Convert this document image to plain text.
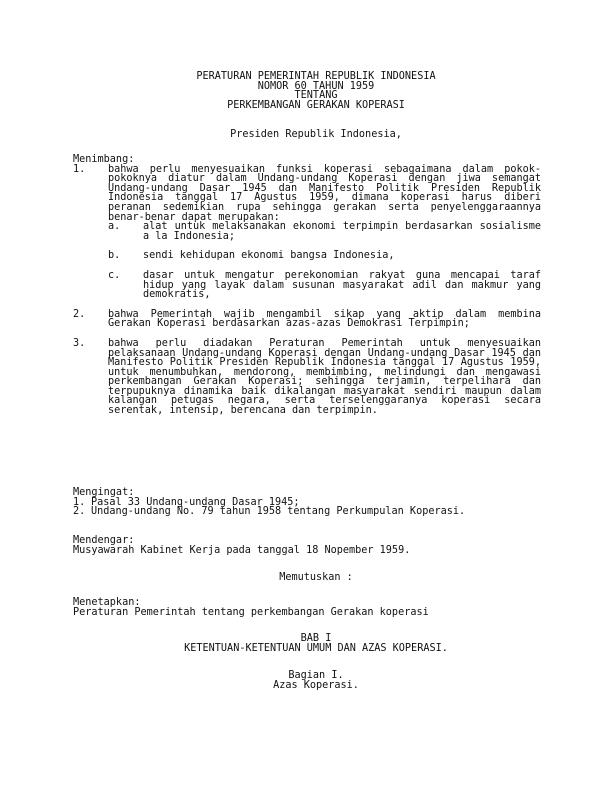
PERATURAN PEMERINTAH REPUBLIK INDONESIA
NOMOR 60 TAHUN 1959
TENTANG
PERKEMBANGAN GERAKAN KOPERASI
Presiden Republik Indonesia,
Menimbang:
1. bahwa perlu menyesuaikan funksi koperasi sebagaimana dalam pokok-pokoknya diatur dalam Undang-undang Koperasi dengan jiwa semangat Undang-undang Dasar 1945 dan Manifesto Politik Presiden Republik Indonesia tanggal 17 Agustus 1959, dimana koperasi harus diberi peranan sedemikian rupa sehingga gerakan serta penyelenggaraannya benar-benar dapat merupakan:
a. alat untuk melaksanakan ekonomi terpimpin berdasarkan sosialisme a la Indonesia;
b. sendi kehidupan ekonomi bangsa Indonesia,
c. dasar untuk mengatur perekonomian rakyat guna mencapai taraf hidup yang layak dalam susunan masyarakat adil dan makmur yang demokratis,
2. bahwa Pemerintah wajib mengambil sikap yang aktip dalam membina Gerakan Koperasi berdasarkan azas-azas Demokrasi Terpimpin;
3. bahwa perlu diadakan Peraturan Pemerintah untuk menyesuaikan pelaksanaan Undang-undang Koperasi dengan Undang-undang Dasar 1945 dan Manifesto Politik Presiden Republik Indonesia tanggal 17 Agustus 1959, untuk menumbuhkan, mendorong, membimbing, melindungi dan mengawasi perkembangan Gerakan Koperasi; sehingga terjamin, terpelihara dan terpupuknya dinamika baik dikalangan masyarakat sendiri maupun dalam kalangan petugas negara, serta terselenggaranya koperasi secara serentak, intensip, berencana dan terpimpin.
Mengingat:
1. Pasal 33 Undang-undang Dasar 1945;
2. Undang-undang No. 79 tahun 1958 tentang Perkumpulan Koperasi.
Mendengar:
Musyawarah Kabinet Kerja pada tanggal 18 Nopember 1959.
Memutuskan :
Menetapkan:
Peraturan Pemerintah tentang perkembangan Gerakan koperasi
BAB I
KETENTUAN-KETENTUAN UMUM DAN AZAS KOPERASI.
Bagian I.
Azas Koperasi.
